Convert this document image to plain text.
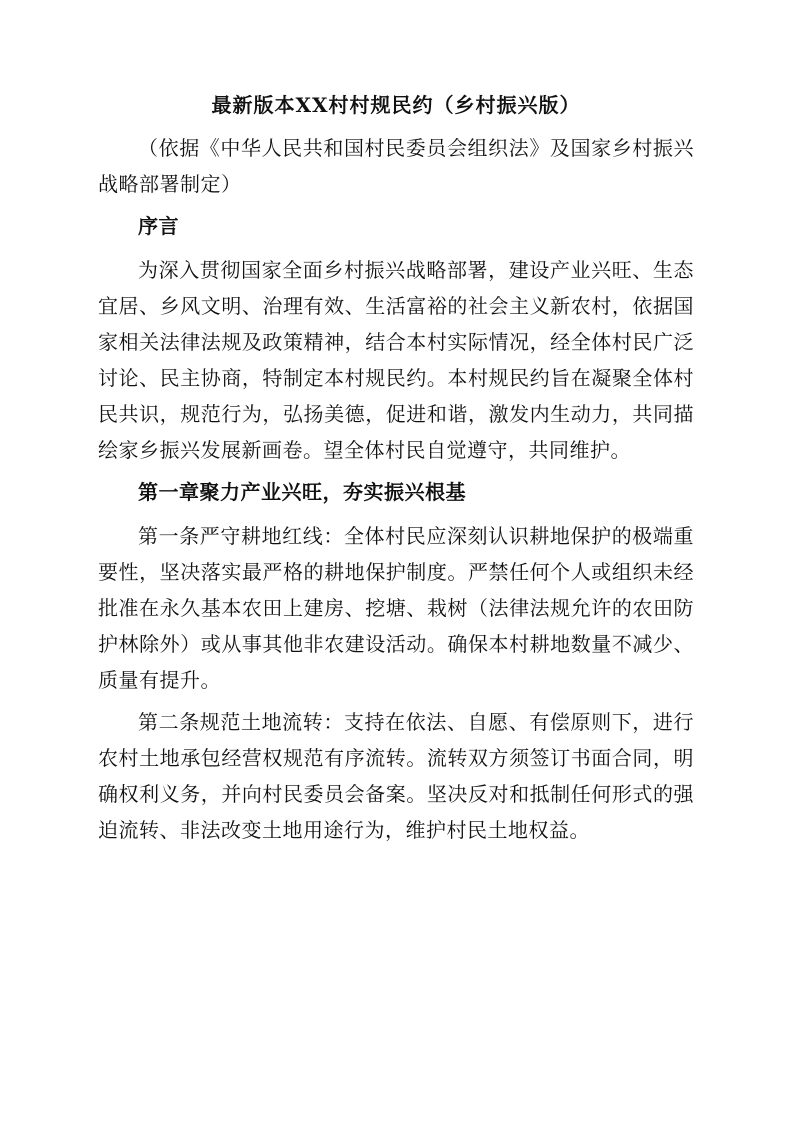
最新版本XX村村规民约（乡村振兴版）

（依据《中华人民共和国村民委员会组织法》及国家乡村振兴战略部署制定）

序言

为深入贯彻国家全面乡村振兴战略部署，建设产业兴旺、生态宜居、乡风文明、治理有效、生活富裕的社会主义新农村，依据国家相关法律法规及政策精神，结合本村实际情况，经全体村民广泛讨论、民主协商，特制定本村规民约。本村规民约旨在凝聚全体村民共识，规范行为，弘扬美德，促进和谐，激发内生动力，共同描绘家乡振兴发展新画卷。望全体村民自觉遵守，共同维护。

第一章聚力产业兴旺，夯实振兴根基

第一条严守耕地红线：全体村民应深刻认识耕地保护的极端重要性，坚决落实最严格的耕地保护制度。严禁任何个人或组织未经批准在永久基本农田上建房、挖塘、栽树（法律法规允许的农田防护林除外）或从事其他非农建设活动。确保本村耕地数量不减少、质量有提升。

第二条规范土地流转：支持在依法、自愿、有偿原则下，进行农村土地承包经营权规范有序流转。流转双方须签订书面合同，明确权利义务，并向村民委员会备案。坚决反对和抵制任何形式的强迫流转、非法改变土地用途行为，维护村民土地权益。
